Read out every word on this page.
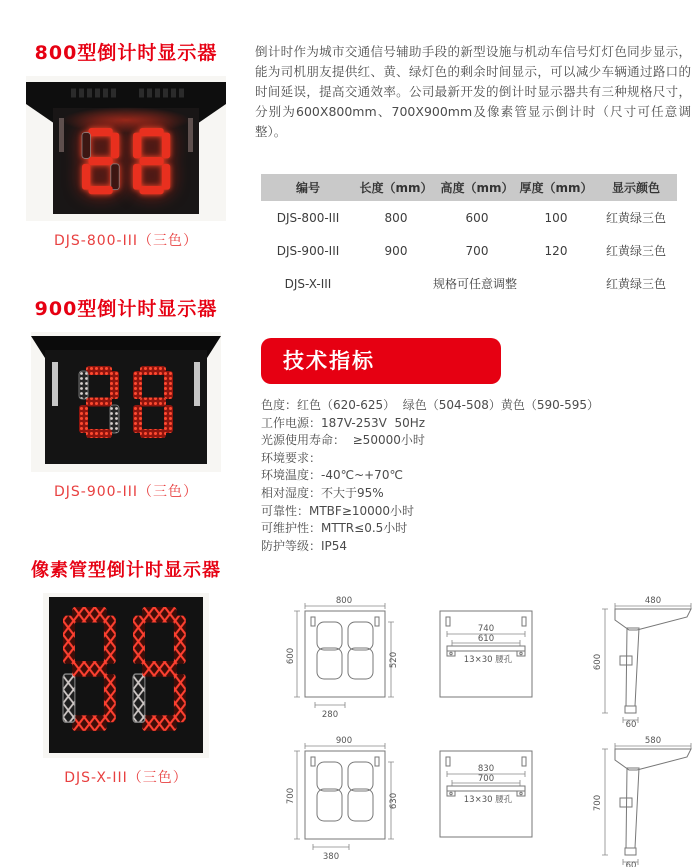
800型倒计时显示器
DJS-800-III（三色）
900型倒计时显示器
DJS-900-III（三色）
像素管型倒计时显示器
DJS-X-III（三色）

倒计时作为城市交通信号辅助手段的新型设施与机动车信号灯灯色同步显示，能为司机朋友提供红、黄、绿灯色的剩余时间显示，可以减少车辆通过路口的时间延误，提高交通效率。公司最新开发的倒计时显示器共有三种规格尺寸，分别为600X800mm、700X900mm及像素管显示倒计时（尺寸可任意调整）。

编号	长度（mm） 高度（mm） 厚度（mm）	显示颜色
DJS-800-III	800	600	100	红黄绿三色
DJS-900-III	900	700	120	红黄绿三色
DJS-X-III	规格可任意调整	红黄绿三色
技术指标
色度：红色（620-625）  绿色（504-508）黄色（590-595）
工作电源：187V-253V  50Hz
光源使用寿命：  ≥50000小时
环境要求：
环境温度：-40℃~+70℃
相对湿度：不大于95%
可靠性：MTBF≥10000小时
可维护性：MTTR≤0.5小时
防护等级：IP54
800
600	520
280
740
610
13×30 腰孔
480
600
60
900
700	630
380
830
700
13×30 腰孔
580
700
60
